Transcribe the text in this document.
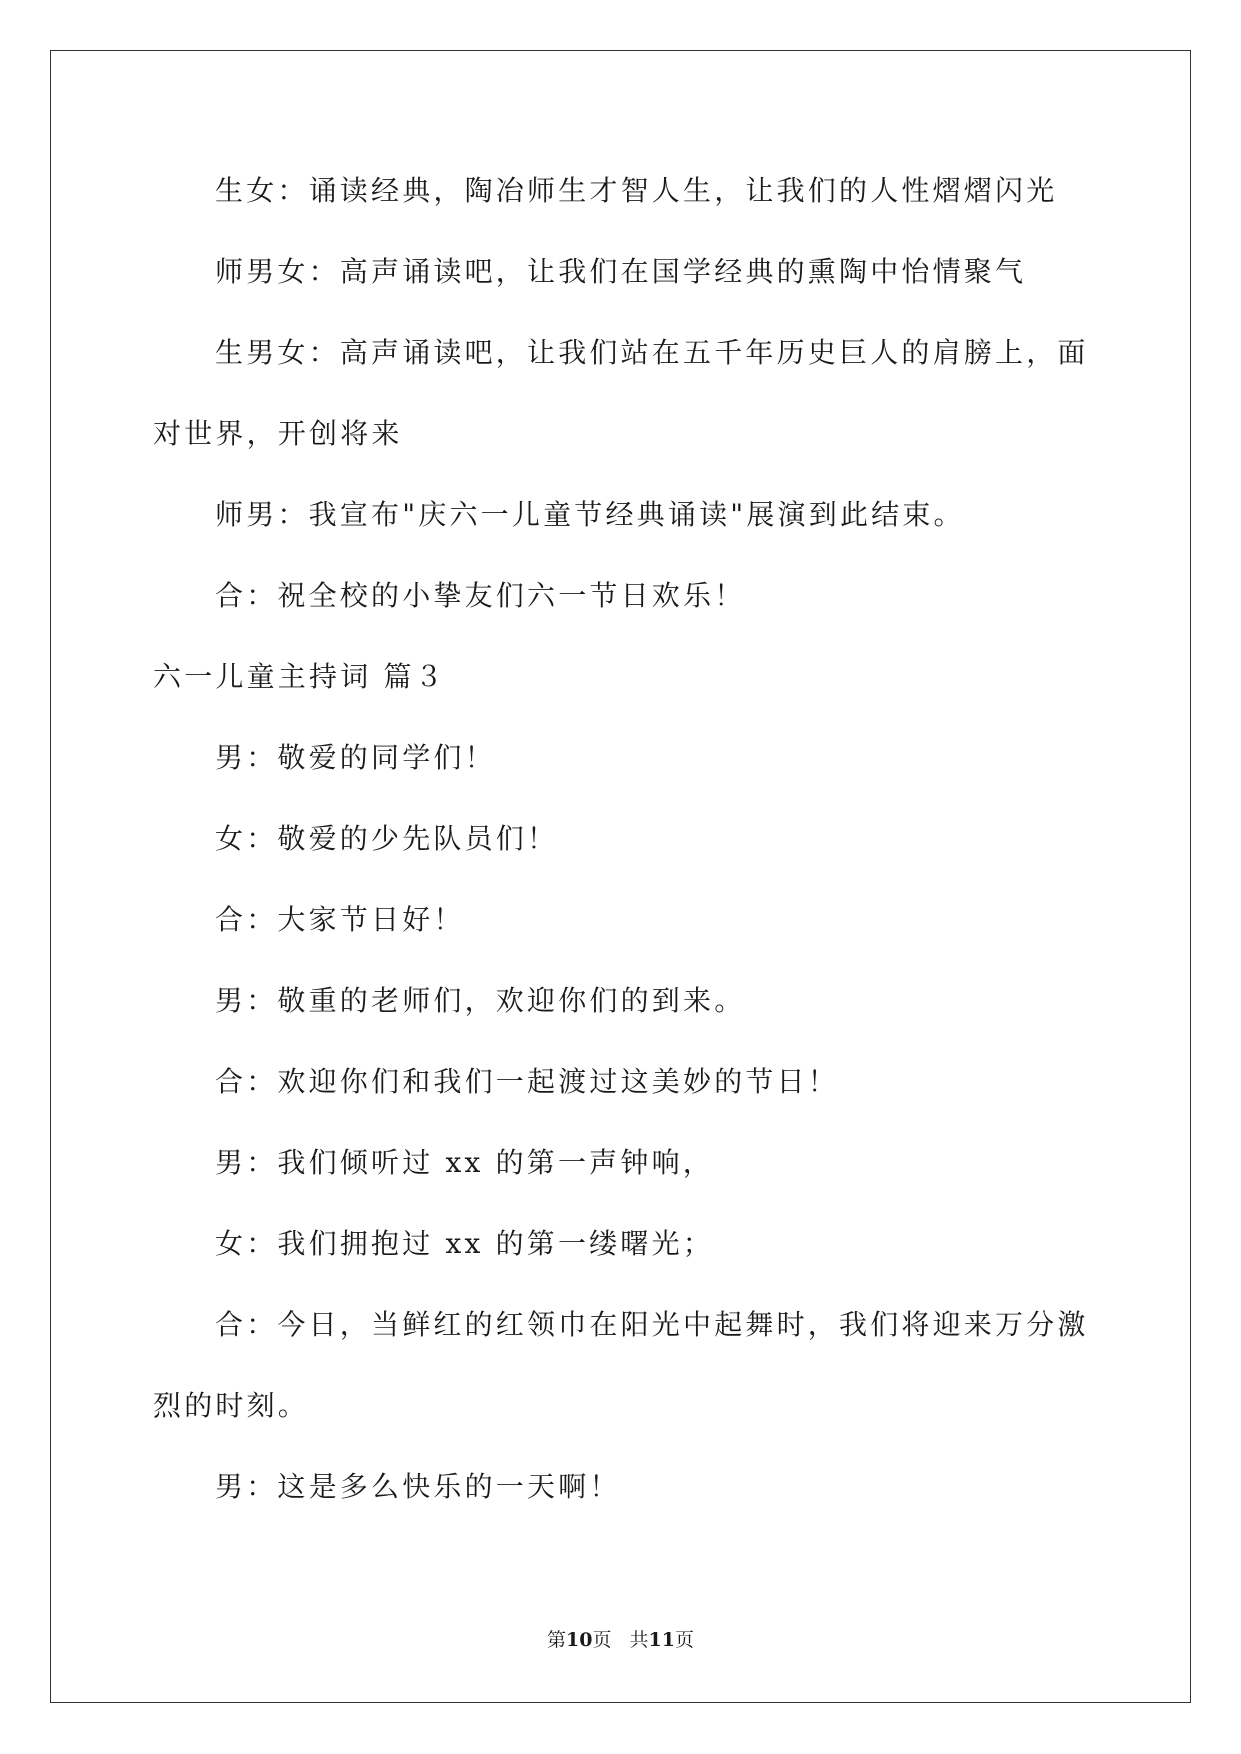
生女：诵读经典，陶冶师生才智人生，让我们的人性熠熠闪光
师男女：高声诵读吧，让我们在国学经典的熏陶中怡情聚气
生男女：高声诵读吧，让我们站在五千年历史巨人的肩膀上，面
对世界，开创将来
师男：我宣布"庆六一儿童节经典诵读"展演到此结束。
合：祝全校的小挚友们六一节日欢乐！
六一儿童主持词 篇３
男：敬爱的同学们！
女：敬爱的少先队员们！
合：大家节日好！
男：敬重的老师们，欢迎你们的到来。
合：欢迎你们和我们一起渡过这美妙的节日！
男：我们倾听过 xx 的第一声钟响，
女：我们拥抱过 xx 的第一缕曙光；
合：今日，当鲜红的红领巾在阳光中起舞时，我们将迎来万分激
烈的时刻。
男：这是多么快乐的一天啊！
第10页 共11页
